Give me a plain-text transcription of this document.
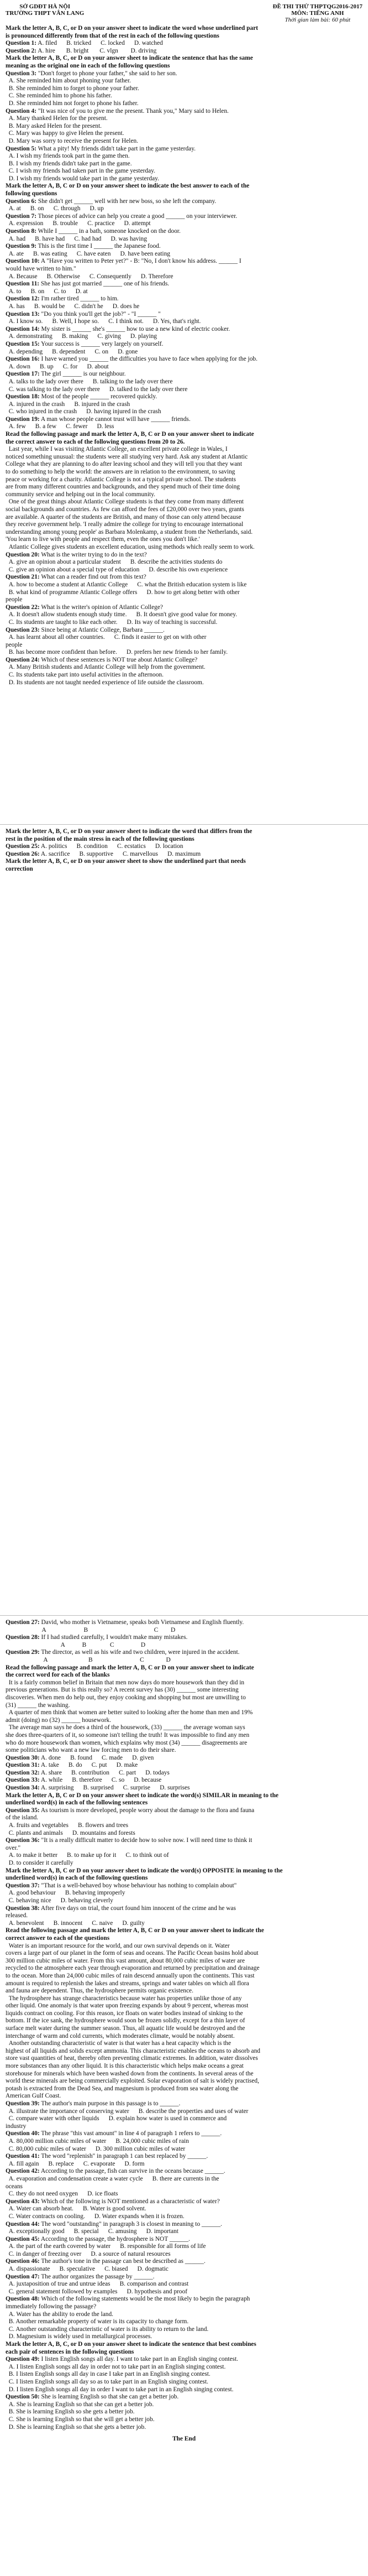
SỞ GDĐT HÀ NỘI
TRƯỜNG THPT VÂN LANG
ĐỀ THI THỬ THPTQG2016-2017
MÔN: TIẾNG ANH
Thời gian làm bài: 60 phút
Mark the letter A, B, C, or D on your answer sheet to indicate the word whose underlined part
is pronounced differently from that of the rest in each of the following questions
Question 1: A. filed      B. tricked      C. locked      D. watched
Question 2: A. hire       B. bright       C. vlgn        D. driving
Mark the letter A, B, C, or D on your answer sheet to indicate the sentence that has the same
meaning as the original one in each of the following questions
Question 3: "Don't forget to phone your father," she said to her son.
A. She reminded him about phoning your father.
B. She reminded him to forget to phone your father.
C. She reminded him to phone his father.
D. She reminded him not forget to phone his father.
Question 4: "It was nice of you to give me the present. Thank you," Mary said to Helen.
A. Mary thanked Helen for the present.
B. Mary asked Helen for the present.
C. Mary was happy to give Helen the present.
D. Mary was sorry to receive the present for Helen.
Question 5: What a pity! My friends didn't take part in the game yesterday.
A. I wish my friends took part in the game then.
B. I wish my friends didn't take part in the game.
C. I wish my friends had taken part in the game yesterday.
D. I wish my friends would take part in the game yesterday.
Mark the letter A, B, C or D on your answer sheet to indicate the best answer to each of the
following questions
Question 6: She didn't get ______ well with her new boss, so she left the company.
A. at      B. on      C. through      D. up
Question 7: Those pieces of advice can help you create a good ______ on your interviewer.
A. expression      B. trouble      C. practice      D. attempt
Question 8: While I ______ in a bath, someone knocked on the door.
A. had      B. have had      C. had had      D. was having
Question 9: This is the first time I ______ the Japanese food.
A. ate      B. was eating      C. have eaten      D. have been eating
Question 10: A "Have you written to Peter yet?" - B: "No, I don't know his address. ______ I
would have written to him."
A. Because      B. Otherwise      C. Consequently      D. Therefore
Question 11: She has just got married ______ one of his friends.
A. to      B. on      C. to      D. at
Question 12: I'm rather tired ______ to him.
A. has      B. would be      C. didn't he      D. does he
Question 13: "Do you think you'll get the job?" - "I ______ "
A. I know so.      B. Well, I hope so.      C. I think not.      D. Yes, that's right.
Question 14: My sister is ______ she's ______ how to use a new kind of electric cooker.
A. demonstrating      B. making      C. giving      D. playing
Question 15: Your success is ______ very largely on yourself.
A. depending      B. dependent      C. on      D. gone
Question 16: I have warned you ______ the difficulties you have to face when applying for the job.
A. down      B. up      C. for      D. about
Question 17: The girl ______ is our neighbour.
A. talks to the lady over there      B. talking to the lady over there
C. was talking to the lady over there      D. talked to the lady over there
Question 18: Most of the people ______ recovered quickly.
A. injured in the crash      B. injured in the crash
C. who injured in the crash      D. having injured in the crash
Question 19: A man whose people cannot trust will have ______ friends.
A. few      B. a few      C. fewer      D. less
Read the following passage and mark the letter A, B, C or D on your answer sheet to indicate
the correct answer to each of the following questions from 20 to 26.
Last year, while I was visiting Atlantic College, an excellent private college in Wales, I
noticed something unusual: the students were all studying very hard. Ask any student at Atlantic
College what they are planning to do after leaving school and they will tell you that they want
to do something to help the world: the answers are in relation to the environment, to saving
peace or working for a charity. Atlantic College is not a typical private school. The students
are from many different countries and backgrounds, and they spend much of their time doing
community service and helping out in the local community.
One of the great things about Atlantic College students is that they come from many different
social backgrounds and countries. As few can afford the fees of £20,000 over two years, grants
are available. A quarter of the students are British, and many of those can only attend because
they receive government help. 'I really admire the college for trying to encourage international
understanding among young people' as Barbara Molenkamp, a student from the Netherlands, said.
'You learn to live with people and respect them, even the ones you don't like.'
Atlantic College gives students an excellent education, using methods which really seem to work.
Question 20: What is the writer trying to do in the text?
A. give an opinion about a particular student      B. describe the activities students do
C. give an opinion about a special type of education      D. describe his own experience
Question 21: What can a reader find out from this text?
A. how to become a student at Atlantic College      C. what the British education system is like
B. what kind of programme Atlantic College offers      D. how to get along better with other
people
Question 22: What is the writer's opinion of Atlantic College?
A. It doesn't allow students enough study time.      B. It doesn't give good value for money.
C. Its students are taught to like each other.      D. Its way of teaching is successful.
Question 23: Since being at Atlantic College, Barbara ______.
A. has learnt about all other countries.      C. finds it easier to get on with other
people
B. has become more confident than before.      D. prefers her new friends to her family.
Question 24: Which of these sentences is NOT true about Atlantic College?
A. Many British students and Atlantic College will help from the government.
C. Its students take part into useful activities in the afternoon.
D. Its students are not taught needed experience of life outside the classroom.
Mark the letter A, B, C, or D on your answer sheet to indicate the word that differs from the
rest in the position of the main stress in each of the following questions
Question 25: A. politics      B. condition      C. ecstatics      D. location
Question 26: A. sacrifice      B. supportive      C. marvellous      D. maximum
Mark the letter A, B, C, or D on your answer sheet to show the underlined part that needs
correction
Question 27: David, who mother is Vietnamese, speaks both Vietnamese and English fluently.
A                        B                                          C        D
Question 28: If I had studied carefully, I wouldn't make many mistakes.
A           B               C                 D
Question 29: The director, as well as his wife and two children, were injured in the accident.
A                          B                              C              D
Read the following passage and mark the letter A, B, C or D on your answer sheet to indicate
the correct word for each of the blanks
It is a fairly common belief in Britain that men now days do more housework than they did in
previous generations. But is this really so? A recent survey has (30) ______ some interesting
discoveries. When men do help out, they enjoy cooking and shopping but most are unwilling to
(31) ______ the washing.
A quarter of men think that women are better suited to looking after the home than men and 19%
admit (doing) no (32) ______ housework.
The average man says he does a third of the housework, (33) ______ the average woman says
she does three-quarters of it, so someone isn't telling the truth! It was impossible to find any men
who do more housework than women, which explains why most (34) ______ disagreements are
some politicians who want a new law forcing men to do their share.
Question 30: A. done      B. found      C. made      D. given
Question 31: A. take      B. do      C. put      D. make
Question 32: A. share      B. contribution      C. part      D. todays
Question 33: A. while      B. therefore      C. so      D. because
Question 34: A. surprising      B. surprised      C. surprise      D. surprises
Mark the letter A, B, C or D on your answer sheet to indicate the word(s) SIMILAR in meaning to the
underlined word(s) in each of the following sentences
Question 35: As tourism is more developed, people worry about the damage to the flora and fauna
of the island.
A. fruits and vegetables      B. flowers and trees
C. plants and animals      D. mountains and forests
Question 36: "It is a really difficult matter to decide how to solve now. I will need time to think it
over."
A. to make it better      B. to make up for it      C. to think out of
D. to consider it carefully
Mark the letter A, B, C or D on your answer sheet to indicate the word(s) OPPOSITE in meaning to the
underlined word(s) in each of the following questions
Question 37: "That is a well-behaved boy whose behaviour has nothing to complain about"
A. good behaviour      B. behaving improperly
C. behaving nice      D. behaving cleverly
Question 38: After five days on trial, the court found him innocent of the crime and he was
released.
A. benevolent      B. innocent      C. naive      D. guilty
Read the following passage and mark the letter A, B, C or D on your answer sheet to indicate the
correct answer to each of the questions
Water is an important resource for the world, and our own survival depends on it. Water
covers a large part of our planet in the form of seas and oceans. The Pacific Ocean basins hold about
300 million cubic miles of water. From this vast amount, about 80,000 cubic miles of water are
recycled to the atmosphere each year through evaporation and returned by precipitation and drainage
to the ocean. More than 24,000 cubic miles of rain descend annually upon the continents. This vast
amount is required to replenish the lakes and streams, springs and water tables on which all flora
and fauna are dependent. Thus, the hydrosphere permits organic existence.
The hydrosphere has strange characteristics because water has properties unlike those of any
other liquid. One anomaly is that water upon freezing expands by about 9 percent, whereas most
liquids contract on cooling. For this reason, ice floats on water bodies instead of sinking to the
bottom. If the ice sank, the hydrosphere would soon be frozen solidly, except for a thin layer of
surface melt water during the summer season. Thus, all aquatic life would be destroyed and the
interchange of warm and cold currents, which moderates climate, would be notably absent.
Another outstanding characteristic of water is that water has a heat capacity which is the
highest of all liquids and solids except ammonia. This characteristic enables the oceans to absorb and
store vast quantities of heat, thereby often preventing climatic extremes. In addition, water dissolves
more substances than any other liquid. It is this characteristic which helps make oceans a great
storehouse for minerals which have been washed down from the continents. In several areas of the
world these minerals are being commercially exploited. Solar evaporation of salt is widely practised,
potash is extracted from the Dead Sea, and magnesium is produced from sea water along the
American Gulf Coast.
Question 39: The author's main purpose in this passage is to ______.
A. illustrate the importance of conserving water      B. describe the properties and uses of water
C. compare water with other liquids      D. explain how water is used in commerce and
industry
Question 40: The phrase "this vast amount" in line 4 of paragraph 1 refers to ______.
A. 80,000 million cubic miles of water      B. 24,000 cubic miles of rain
C. 80,000 cubic miles of water      D. 300 million cubic miles of water
Question 41: The word "replenish" in paragraph 1 can best replaced by ______.
A. fill again      B. replace      C. evaporate      D. form
Question 42: According to the passage, fish can survive in the oceans because ______.
A. evaporation and condensation create a water cycle      B. there are currents in the
oceans
C. they do not need oxygen      D. ice floats
Question 43: Which of the following is NOT mentioned as a characteristic of water?
A. Water can absorb heat.      B. Water is good solvent.
C. Water contracts on cooling.      D. Water expands when it is frozen.
Question 44: The word "outstanding" in paragraph 3 is closest in meaning to ______.
A. exceptionally good      B. special      C. amusing      D. important
Question 45: According to the passage, the hydrosphere is NOT ______.
A. the part of the earth covered by water      B. responsible for all forms of life
C. in danger of freezing over      D. a source of natural resources
Question 46: The author's tone in the passage can best be described as ______.
A. dispassionate      B. speculative      C. biased      D. dogmatic
Question 47: The author organizes the passage by ______.
A. juxtaposition of true and untrue ideas      B. comparison and contrast
C. general statement followed by examples      D. hypothesis and proof
Question 48: Which of the following statements would be the most likely to begin the paragraph
immediately following the passage?
A. Water has the ability to erode the land.
B. Another remarkable property of water is its capacity to change form.
C. Another outstanding characteristic of water is its ability to return to the land.
D. Magnesium is widely used in metallurgical processes.
Mark the letter A, B, C, or D on your answer sheet to indicate the sentence that best combines
each pair of sentences in the following questions
Question 49: I listen English songs all day. I want to take part in an English singing contest.
A. I listen English songs all day in order not to take part in an English singing contest.
B. I listen English songs all day in case I take part in an English singing contest.
C. I listen English songs all day so as to take part in an English singing contest.
D. I listen English songs all day in order I want to take part in an English singing contest.
Question 50: She is learning English so that she can get a better job.
A. She is learning English so that she can get a better job.
B. She is learning English so she gets a better job.
C. She is learning English so that she will get a better job.
D. She is learning English so that she gets a better job.
The End
